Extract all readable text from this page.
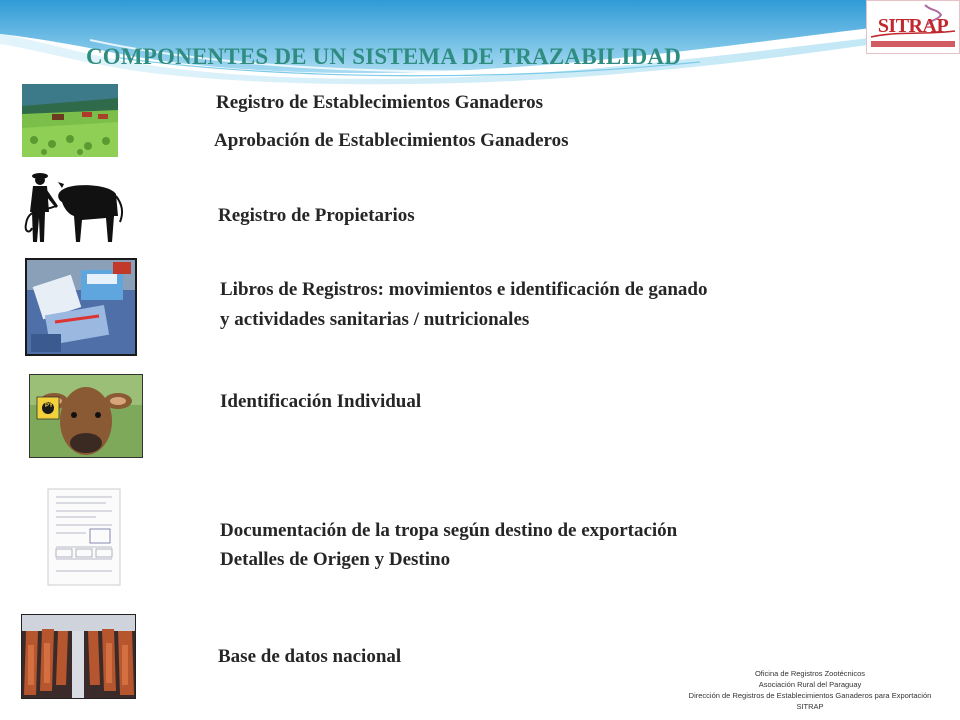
COMPONENTES DE UN SISTEMA DE TRAZABILIDAD
SITRAP
Registro de Establecimientos Ganaderos
Aprobación de Establecimientos Ganaderos
Registro de Propietarios
Libros de Registros: movimientos e identificación de ganado
y actividades sanitarias / nutricionales
PY	Identificación Individual
Documentación de la tropa según destino de exportación
Detalles de Origen y Destino
Base de datos nacional
Oficina de Registros Zootécnicos
Asociación Rural del Paraguay
Dirección de Registros de Establecimientos Ganaderos para Exportación
SITRAP
